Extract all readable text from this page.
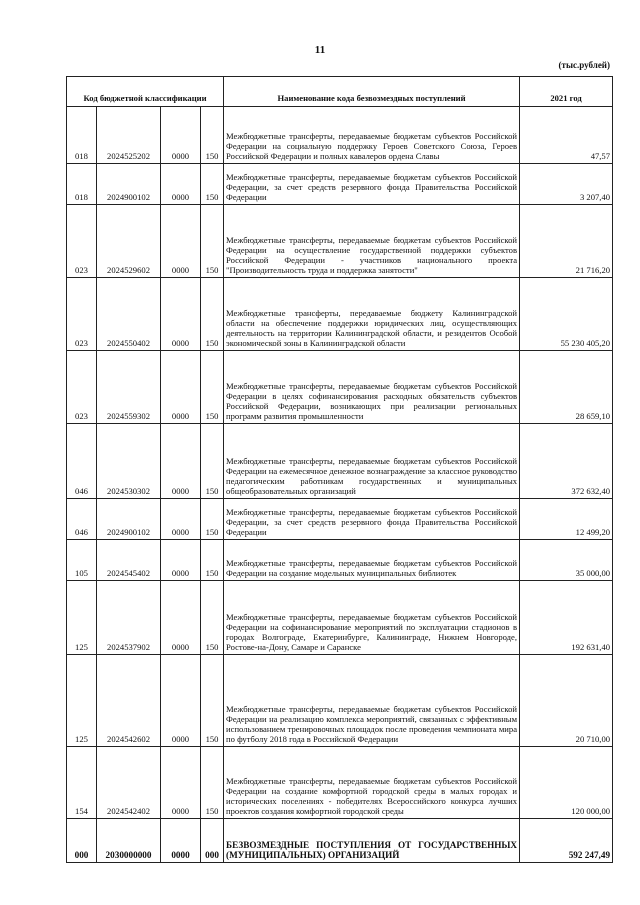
11
(тыс.рублей)
Код бюджетной классификации				Наименование кода безвозмездных поступлений	2021 год
018	2024525202	0000	150	Межбюджетные трансферты, передаваемые бюджетам субъектов Российской Федерации на социальную поддержку Героев Советского Союза, Героев Российской Федерации и полных кавалеров ордена Славы	47,57
018	2024900102	0000	150	Межбюджетные трансферты, передаваемые бюджетам субъектов Российской Федерации, за счет средств резервного фонда Правительства Российской Федерации	3 207,40
023	2024529602	0000	150	Межбюджетные трансферты, передаваемые бюджетам субъектов Российской Федерации на осуществление государственной поддержки субъектов Российской Федерации - участников национального проекта "Производительность труда и поддержка занятости"	21 716,20
023	2024550402	0000	150	Межбюджетные трансферты, передаваемые бюджету Калининградской области на обеспечение поддержки юридических лиц, осуществляющих деятельность на территории Калининградской области, и резидентов Особой экономической зоны в Калининградской области	55 230 405,20
023	2024559302	0000	150	Межбюджетные трансферты, передаваемые бюджетам субъектов Российской Федерации в целях софинансирования расходных обязательств субъектов Российской Федерации, возникающих при реализации региональных программ развития промышленности	28 659,10
046	2024530302	0000	150	Межбюджетные трансферты, передаваемые бюджетам субъектов Российской Федерации на ежемесячное денежное вознаграждение за классное руководство педагогическим работникам государственных и муниципальных общеобразовательных организаций	372 632,40
046	2024900102	0000	150	Межбюджетные трансферты, передаваемые бюджетам субъектов Российской Федерации, за счет средств резервного фонда Правительства Российской Федерации	12 499,20
105	2024545402	0000	150	Межбюджетные трансферты, передаваемые бюджетам субъектов Российской Федерации на создание модельных муниципальных библиотек	35 000,00
125	2024537902	0000	150	Межбюджетные трансферты, передаваемые бюджетам субъектов Российской Федерации на софинансирование мероприятий по эксплуатации стадионов в городах Волгограде, Екатеринбурге, Калининграде, Нижнем Новгороде, Ростове-на-Дону, Самаре и Саранске	192 631,40
125	2024542602	0000	150	Межбюджетные трансферты, передаваемые бюджетам субъектов Российской Федерации на реализацию комплекса мероприятий, связанных с эффективным использованием тренировочных площадок после проведения чемпионата мира по футболу 2018 года в Российской Федерации	20 710,00
154	2024542402	0000	150	Межбюджетные трансферты, передаваемые бюджетам субъектов Российской Федерации на создание комфортной городской среды в малых городах и исторических поселениях - победителях Всероссийского конкурса лучших проектов создания комфортной городской среды	120 000,00
000	2030000000	0000	000	БЕЗВОЗМЕЗДНЫЕ ПОСТУПЛЕНИЯ ОТ ГОСУДАРСТВЕННЫХ (МУНИЦИПАЛЬНЫХ) ОРГАНИЗАЦИЙ	592 247,49
